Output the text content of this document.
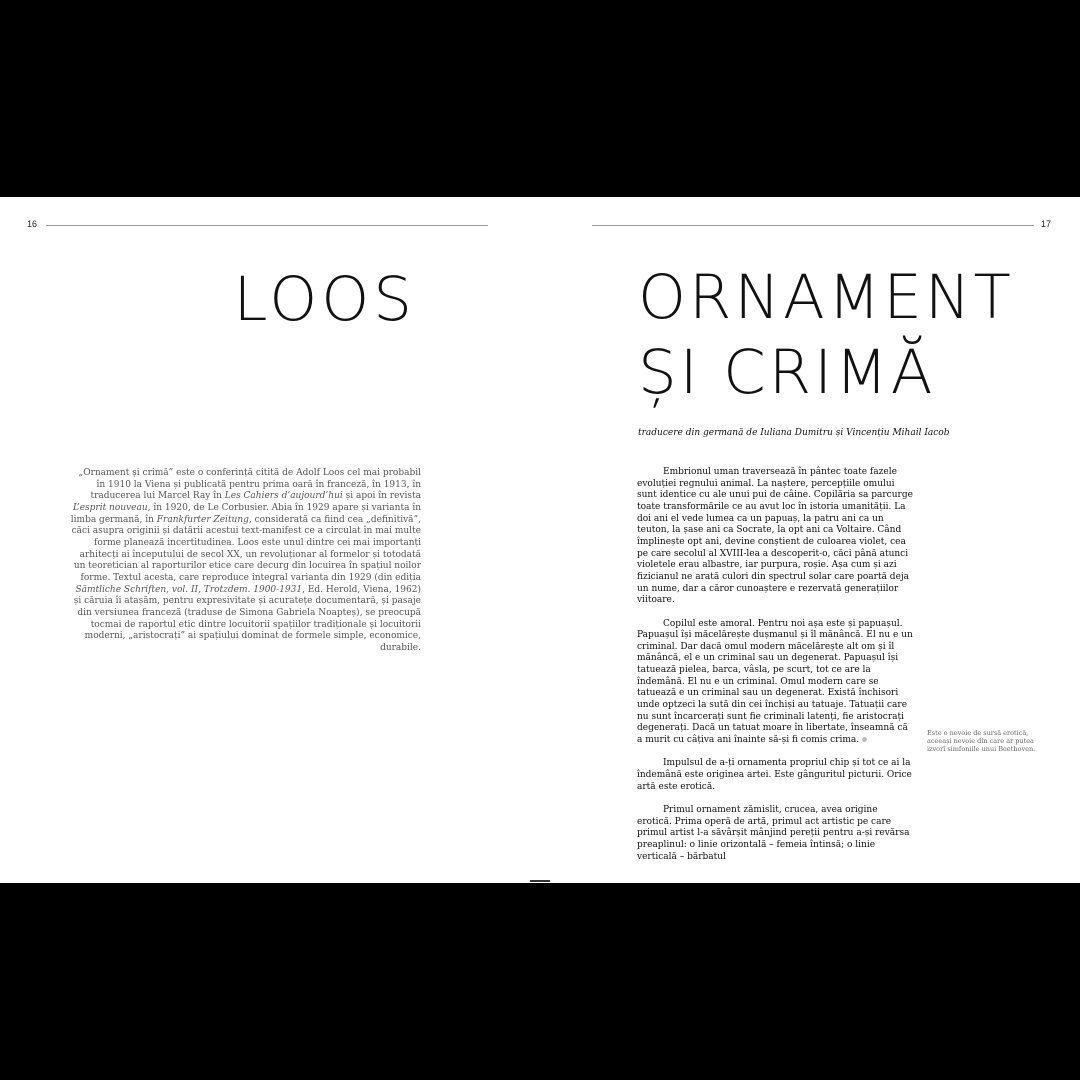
16
LOOS

„Ornament și crimă” este o conferință citită de Adolf Loos cel mai probabil în 1910 la Viena și publicată pentru prima oară în franceză, în 1913, în traducerea lui Marcel Ray în Les Cahiers d’aujourd’hui și apoi în revista L’esprit nouveau, în 1920, de Le Corbusier. Abia în 1929 apare și varianta în limba germană, în Frankfurter Zeitung, considerată ca fiind cea „definitivă”, căci asupra originii și datării acestui text-manifest ce a circulat în mai multe forme planează incertitudinea. Loos este unul dintre cei mai importanți arhitecți ai începutului de secol XX, un revoluționar al formelor și totodată un teoretician al raporturilor etice care decurg din locuirea în spațiul noilor forme. Textul acesta, care reproduce integral varianta din 1929 (din ediția Sämtliche Schriften, vol. II, Trotzdem. 1900-1931, Ed. Herold, Viena, 1962) și căruia îi atașăm, pentru expresivitate și acuratețe documentară, și pasaje din versiunea franceză (traduse de Simona Gabriela Noapteș), se preocupă tocmai de raportul etic dintre locuitorii spațiilor tradiționale și locuitorii moderni, „aristocrați” ai spațiului dominat de formele simple, economice, durabile.

17
ORNAMENT
ȘI CRIMĂ
traducere din germană de Iuliana Dumitru și Vincențiu Mihail Iacob

Embrionul uman traversează în pântec toate fazele evoluției regnului animal. La naștere, percepțiile omului sunt identice cu ale unui pui de câine. Copilăria sa parcurge toate transformările ce au avut loc în istoria umanității. La doi ani el vede lumea ca un papuaș, la patru ani ca un teuton, la șase ani ca Socrate, la opt ani ca Voltaire. Când împlinește opt ani, devine conștient de culoarea violet, cea pe care secolul al XVIII-lea a descoperit-o, căci până atunci violetele erau albastre, iar purpura, roșie. Așa cum și azi fizicianul ne arată culori din spectrul solar care poartă deja un nume, dar a căror cunoaștere e rezervată generațiilor viitoare.

Copilul este amoral. Pentru noi așa este și papuașul. Papuașul își măcelărește dușmanul și îl mănâncă. El nu e un criminal. Dar dacă omul modern măcelărește alt om și îl mănâncă, el e un criminal sau un degenerat. Papuașul își tatuează pielea, barca, vâsla, pe scurt, tot ce are la îndemână. El nu e un criminal. Omul modern care se tatuează e un criminal sau un degenerat. Există închisori unde optzeci la sută din cei închiși au tatuaje. Tatuații care nu sunt încarcerați sunt fie criminali latenți, fie aristocrați degenerați. Dacă un tatuat moare în libertate, înseamnă că a murit cu câțiva ani înainte să-și fi comis crima.

Impulsul de a-ți ornamenta propriul chip și tot ce ai la îndemână este originea artei. Este gânguritul picturii. Orice artă este erotică.

Primul ornament zămislit, crucea, avea origine erotică. Prima operă de artă, primul act artistic pe care primul artist l-a săvârșit mânjind pereții pentru a-și revărsa preaplinul: o linie orizontală – femeia întinsă; o linie verticală – bărbatul

Este o nevoie de sursă erotică, aceeași nevoie din care ar putea izvorî simfoniile unui Beethoven.
